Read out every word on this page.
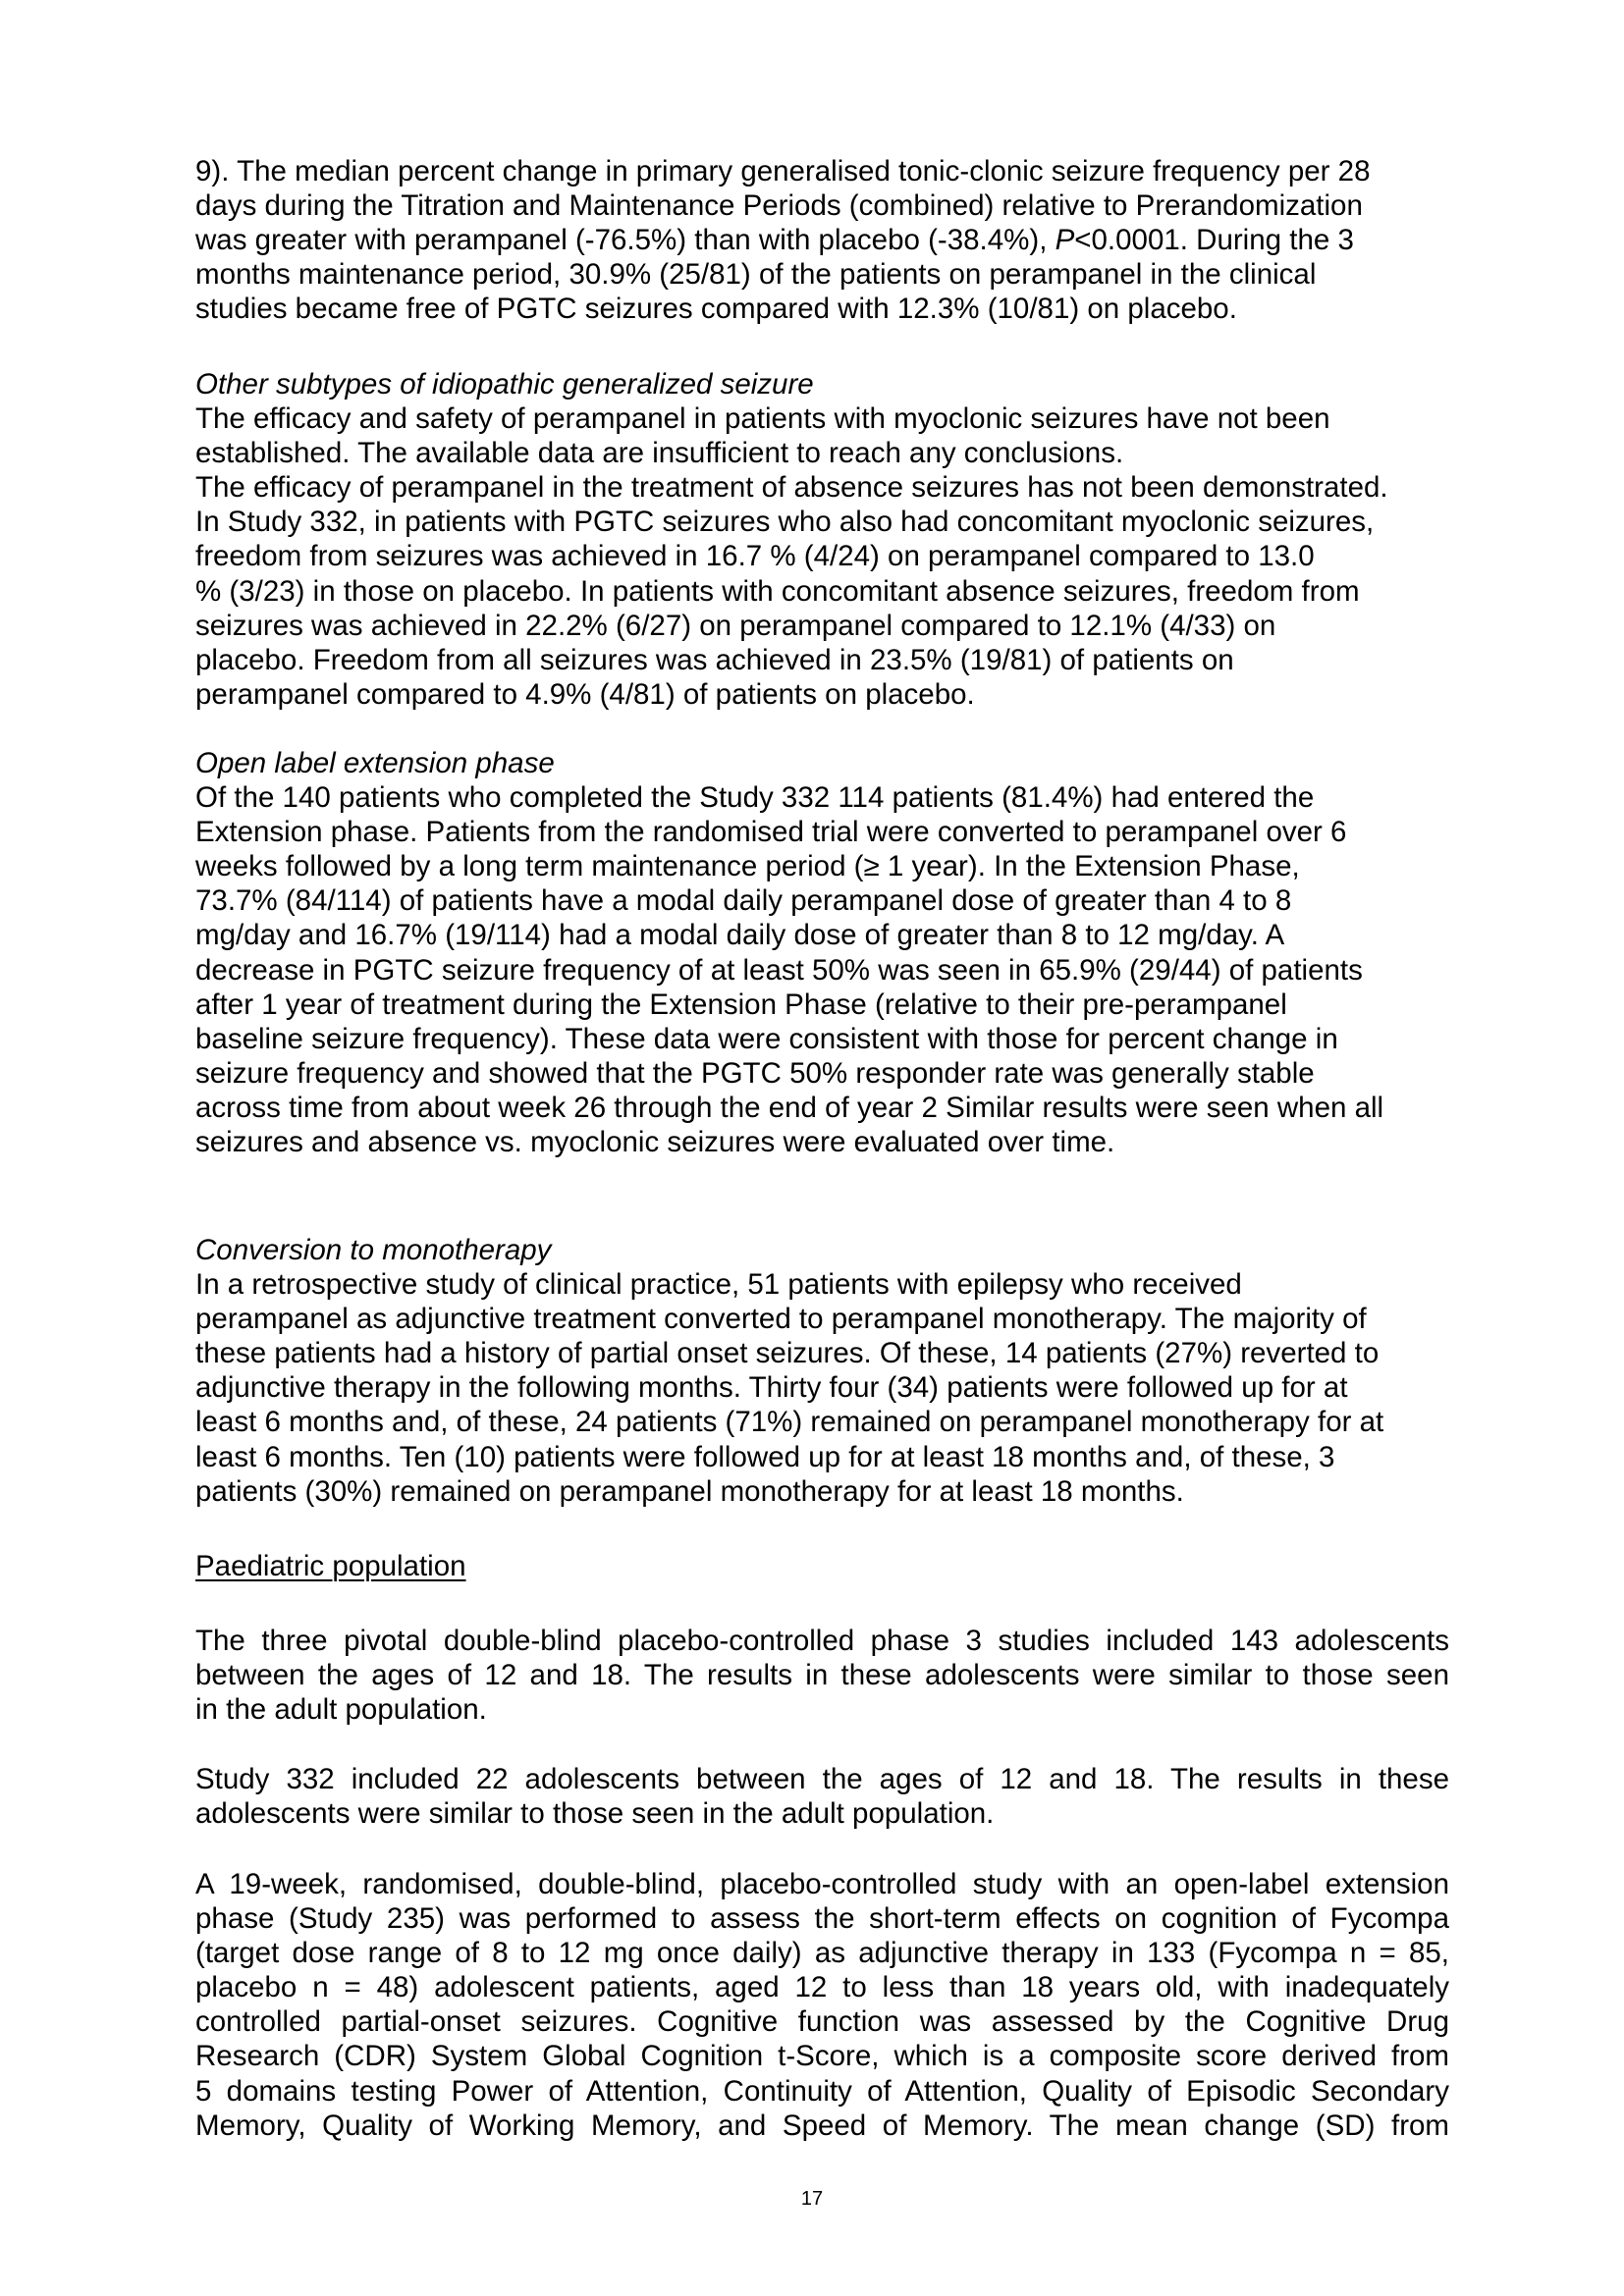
9). The median percent change in primary generalised tonic-clonic seizure frequency per 28
days during the Titration and Maintenance Periods (combined) relative to Prerandomization
was greater with perampanel (-76.5%) than with placebo (-38.4%), P<0.0001. During the 3
months maintenance period, 30.9% (25/81) of the patients on perampanel in the clinical
studies became free of PGTC seizures compared with 12.3% (10/81) on placebo.
Other subtypes of idiopathic generalized seizure
The efficacy and safety of perampanel in patients with myoclonic seizures have not been
established. The available data are insufficient to reach any conclusions.
The efficacy of perampanel in the treatment of absence seizures has not been demonstrated.
In Study 332, in patients with PGTC seizures who also had concomitant myoclonic seizures,
freedom from seizures was achieved in 16.7 % (4/24) on perampanel compared to 13.0
% (3/23) in those on placebo. In patients with concomitant absence seizures, freedom from
seizures was achieved in 22.2% (6/27) on perampanel compared to 12.1% (4/33) on
placebo. Freedom from all seizures was achieved in 23.5% (19/81) of patients on
perampanel compared to 4.9% (4/81) of patients on placebo.
Open label extension phase
Of the 140 patients who completed the Study 332 114 patients (81.4%) had entered the
Extension phase. Patients from the randomised trial were converted to perampanel over 6
weeks followed by a long term maintenance period (≥ 1 year). In the Extension Phase,
73.7% (84/114) of patients have a modal daily perampanel dose of greater than 4 to 8
mg/day and 16.7% (19/114) had a modal daily dose of greater than 8 to 12 mg/day. A
decrease in PGTC seizure frequency of at least 50% was seen in 65.9% (29/44) of patients
after 1 year of treatment during the Extension Phase (relative to their pre-perampanel
baseline seizure frequency). These data were consistent with those for percent change in
seizure frequency and showed that the PGTC 50% responder rate was generally stable
across time from about week 26 through the end of year 2 Similar results were seen when all
seizures and absence vs. myoclonic seizures were evaluated over time.
Conversion to monotherapy
In a retrospective study of clinical practice, 51 patients with epilepsy who received
perampanel as adjunctive treatment converted to perampanel monotherapy. The majority of
these patients had a history of partial onset seizures. Of these, 14 patients (27%) reverted to
adjunctive therapy in the following months. Thirty four (34) patients were followed up for at
least 6 months and, of these, 24 patients (71%) remained on perampanel monotherapy for at
least 6 months. Ten (10) patients were followed up for at least 18 months and, of these, 3
patients (30%) remained on perampanel monotherapy for at least 18 months.
Paediatric population
The three pivotal double-blind placebo-controlled phase 3 studies included 143 adolescents
between the ages of 12 and 18. The results in these adolescents were similar to those seen
in the adult population.
Study 332 included 22 adolescents between the ages of 12 and 18. The results in these
adolescents were similar to those seen in the adult population.
A 19-week, randomised, double-blind, placebo-controlled study with an open-label extension
phase (Study 235) was performed to assess the short-term effects on cognition of Fycompa
(target dose range of 8 to 12 mg once daily) as adjunctive therapy in 133 (Fycompa n = 85,
placebo n = 48) adolescent patients, aged 12 to less than 18 years old, with inadequately
controlled partial-onset seizures. Cognitive function was assessed by the Cognitive Drug
Research (CDR) System Global Cognition t-Score, which is a composite score derived from
5 domains testing Power of Attention, Continuity of Attention, Quality of Episodic Secondary
Memory, Quality of Working Memory, and Speed of Memory. The mean change (SD) from
17
